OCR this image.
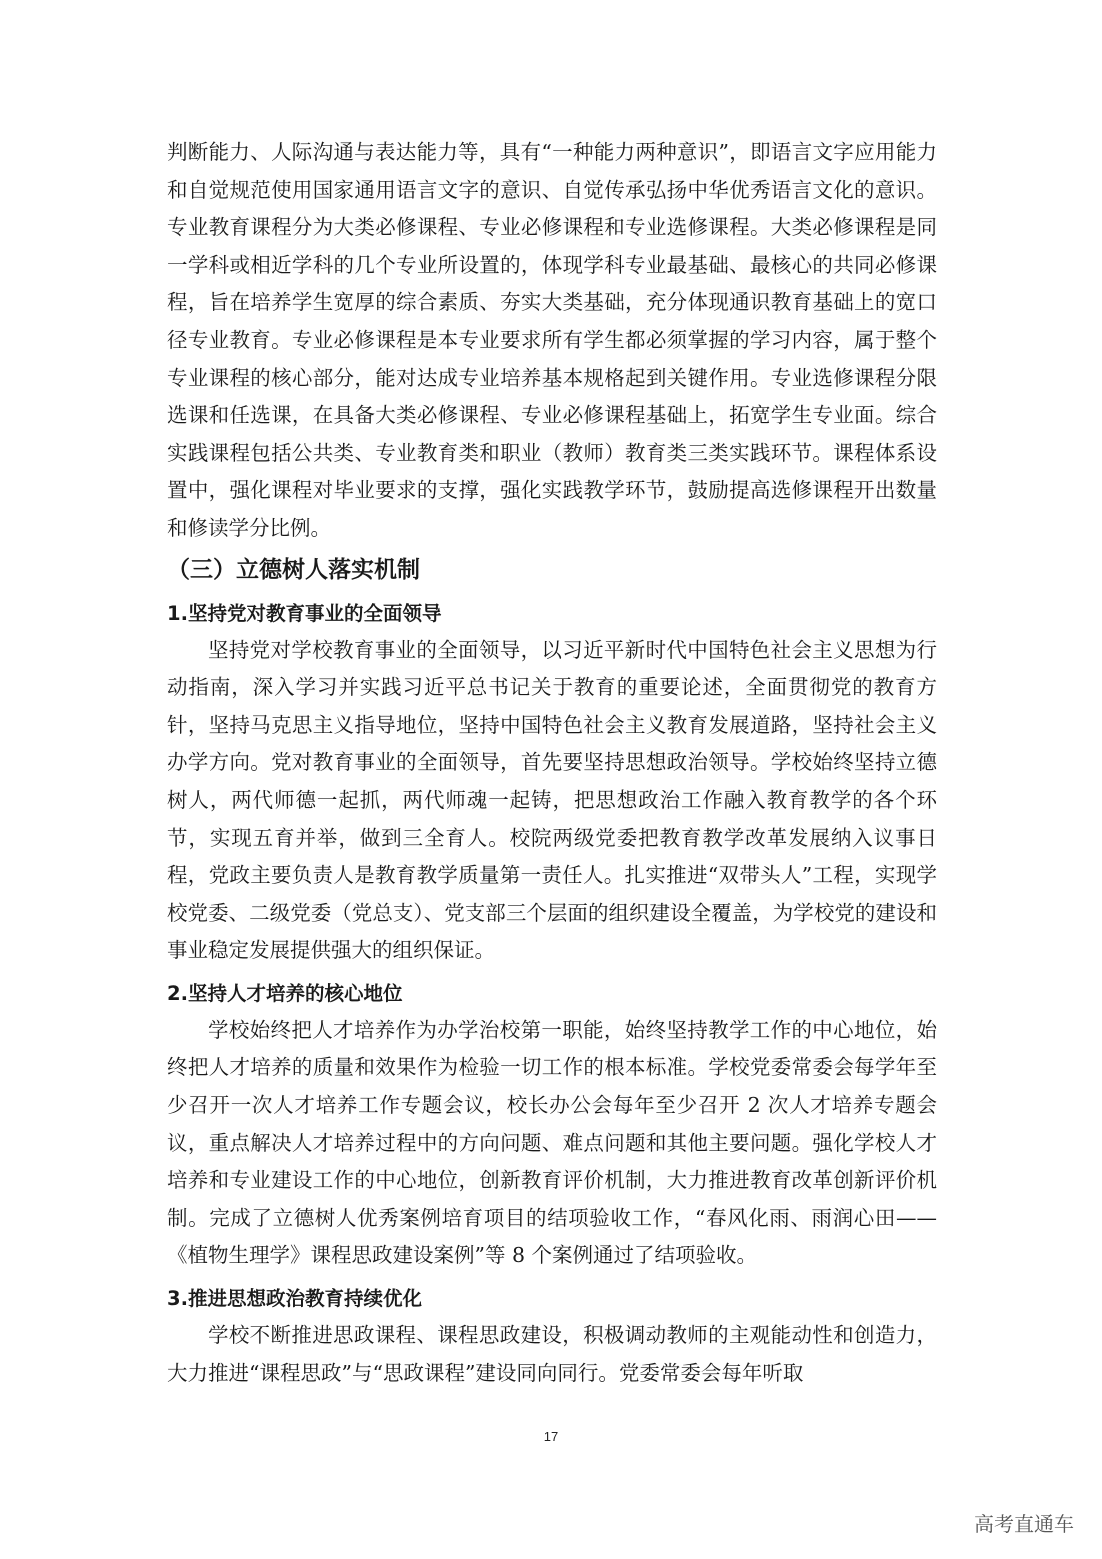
判断能力、人际沟通与表达能力等，具有“一种能力两种意识”，即语言文字应用能力和自觉规范使用国家通用语言文字的意识、自觉传承弘扬中华优秀语言文化的意识。专业教育课程分为大类必修课程、专业必修课程和专业选修课程。大类必修课程是同一学科或相近学科的几个专业所设置的，体现学科专业最基础、最核心的共同必修课程，旨在培养学生宽厚的综合素质、夯实大类基础，充分体现通识教育基础上的宽口径专业教育。专业必修课程是本专业要求所有学生都必须掌握的学习内容，属于整个专业课程的核心部分，能对达成专业培养基本规格起到关键作用。专业选修课程分限选课和任选课，在具备大类必修课程、专业必修课程基础上，拓宽学生专业面。综合实践课程包括公共类、专业教育类和职业（教师）教育类三类实践环节。课程体系设置中，强化课程对毕业要求的支撑，强化实践教学环节，鼓励提高选修课程开出数量和修读学分比例。

（三）立德树人落实机制
1.坚持党对教育事业的全面领导

坚持党对学校教育事业的全面领导，以习近平新时代中国特色社会主义思想为行动指南，深入学习并实践习近平总书记关于教育的重要论述，全面贯彻党的教育方针，坚持马克思主义指导地位，坚持中国特色社会主义教育发展道路，坚持社会主义办学方向。党对教育事业的全面领导，首先要坚持思想政治领导。学校始终坚持立德树人，两代师德一起抓，两代师魂一起铸，把思想政治工作融入教育教学的各个环节，实现五育并举，做到三全育人。校院两级党委把教育教学改革发展纳入议事日程，党政主要负责人是教育教学质量第一责任人。扎实推进“双带头人”工程，实现学校党委、二级党委（党总支）、党支部三个层面的组织建设全覆盖，为学校党的建设和事业稳定发展提供强大的组织保证。

2.坚持人才培养的核心地位

学校始终把人才培养作为办学治校第一职能，始终坚持教学工作的中心地位，始终把人才培养的质量和效果作为检验一切工作的根本标准。学校党委常委会每学年至少召开一次人才培养工作专题会议，校长办公会每年至少召开 2 次人才培养专题会议，重点解决人才培养过程中的方向问题、难点问题和其他主要问题。强化学校人才培养和专业建设工作的中心地位，创新教育评价机制，大力推进教育改革创新评价机制。完成了立德树人优秀案例培育项目的结项验收工作，“春风化雨、雨润心田——《植物生理学》课程思政建设案例”等 8 个案例通过了结项验收。

3.推进思想政治教育持续优化

学校不断推进思政课程、课程思政建设，积极调动教师的主观能动性和创造力，大力推进“课程思政”与“思政课程”建设同向同行。党委常委会每年听取

17
高考直通车
